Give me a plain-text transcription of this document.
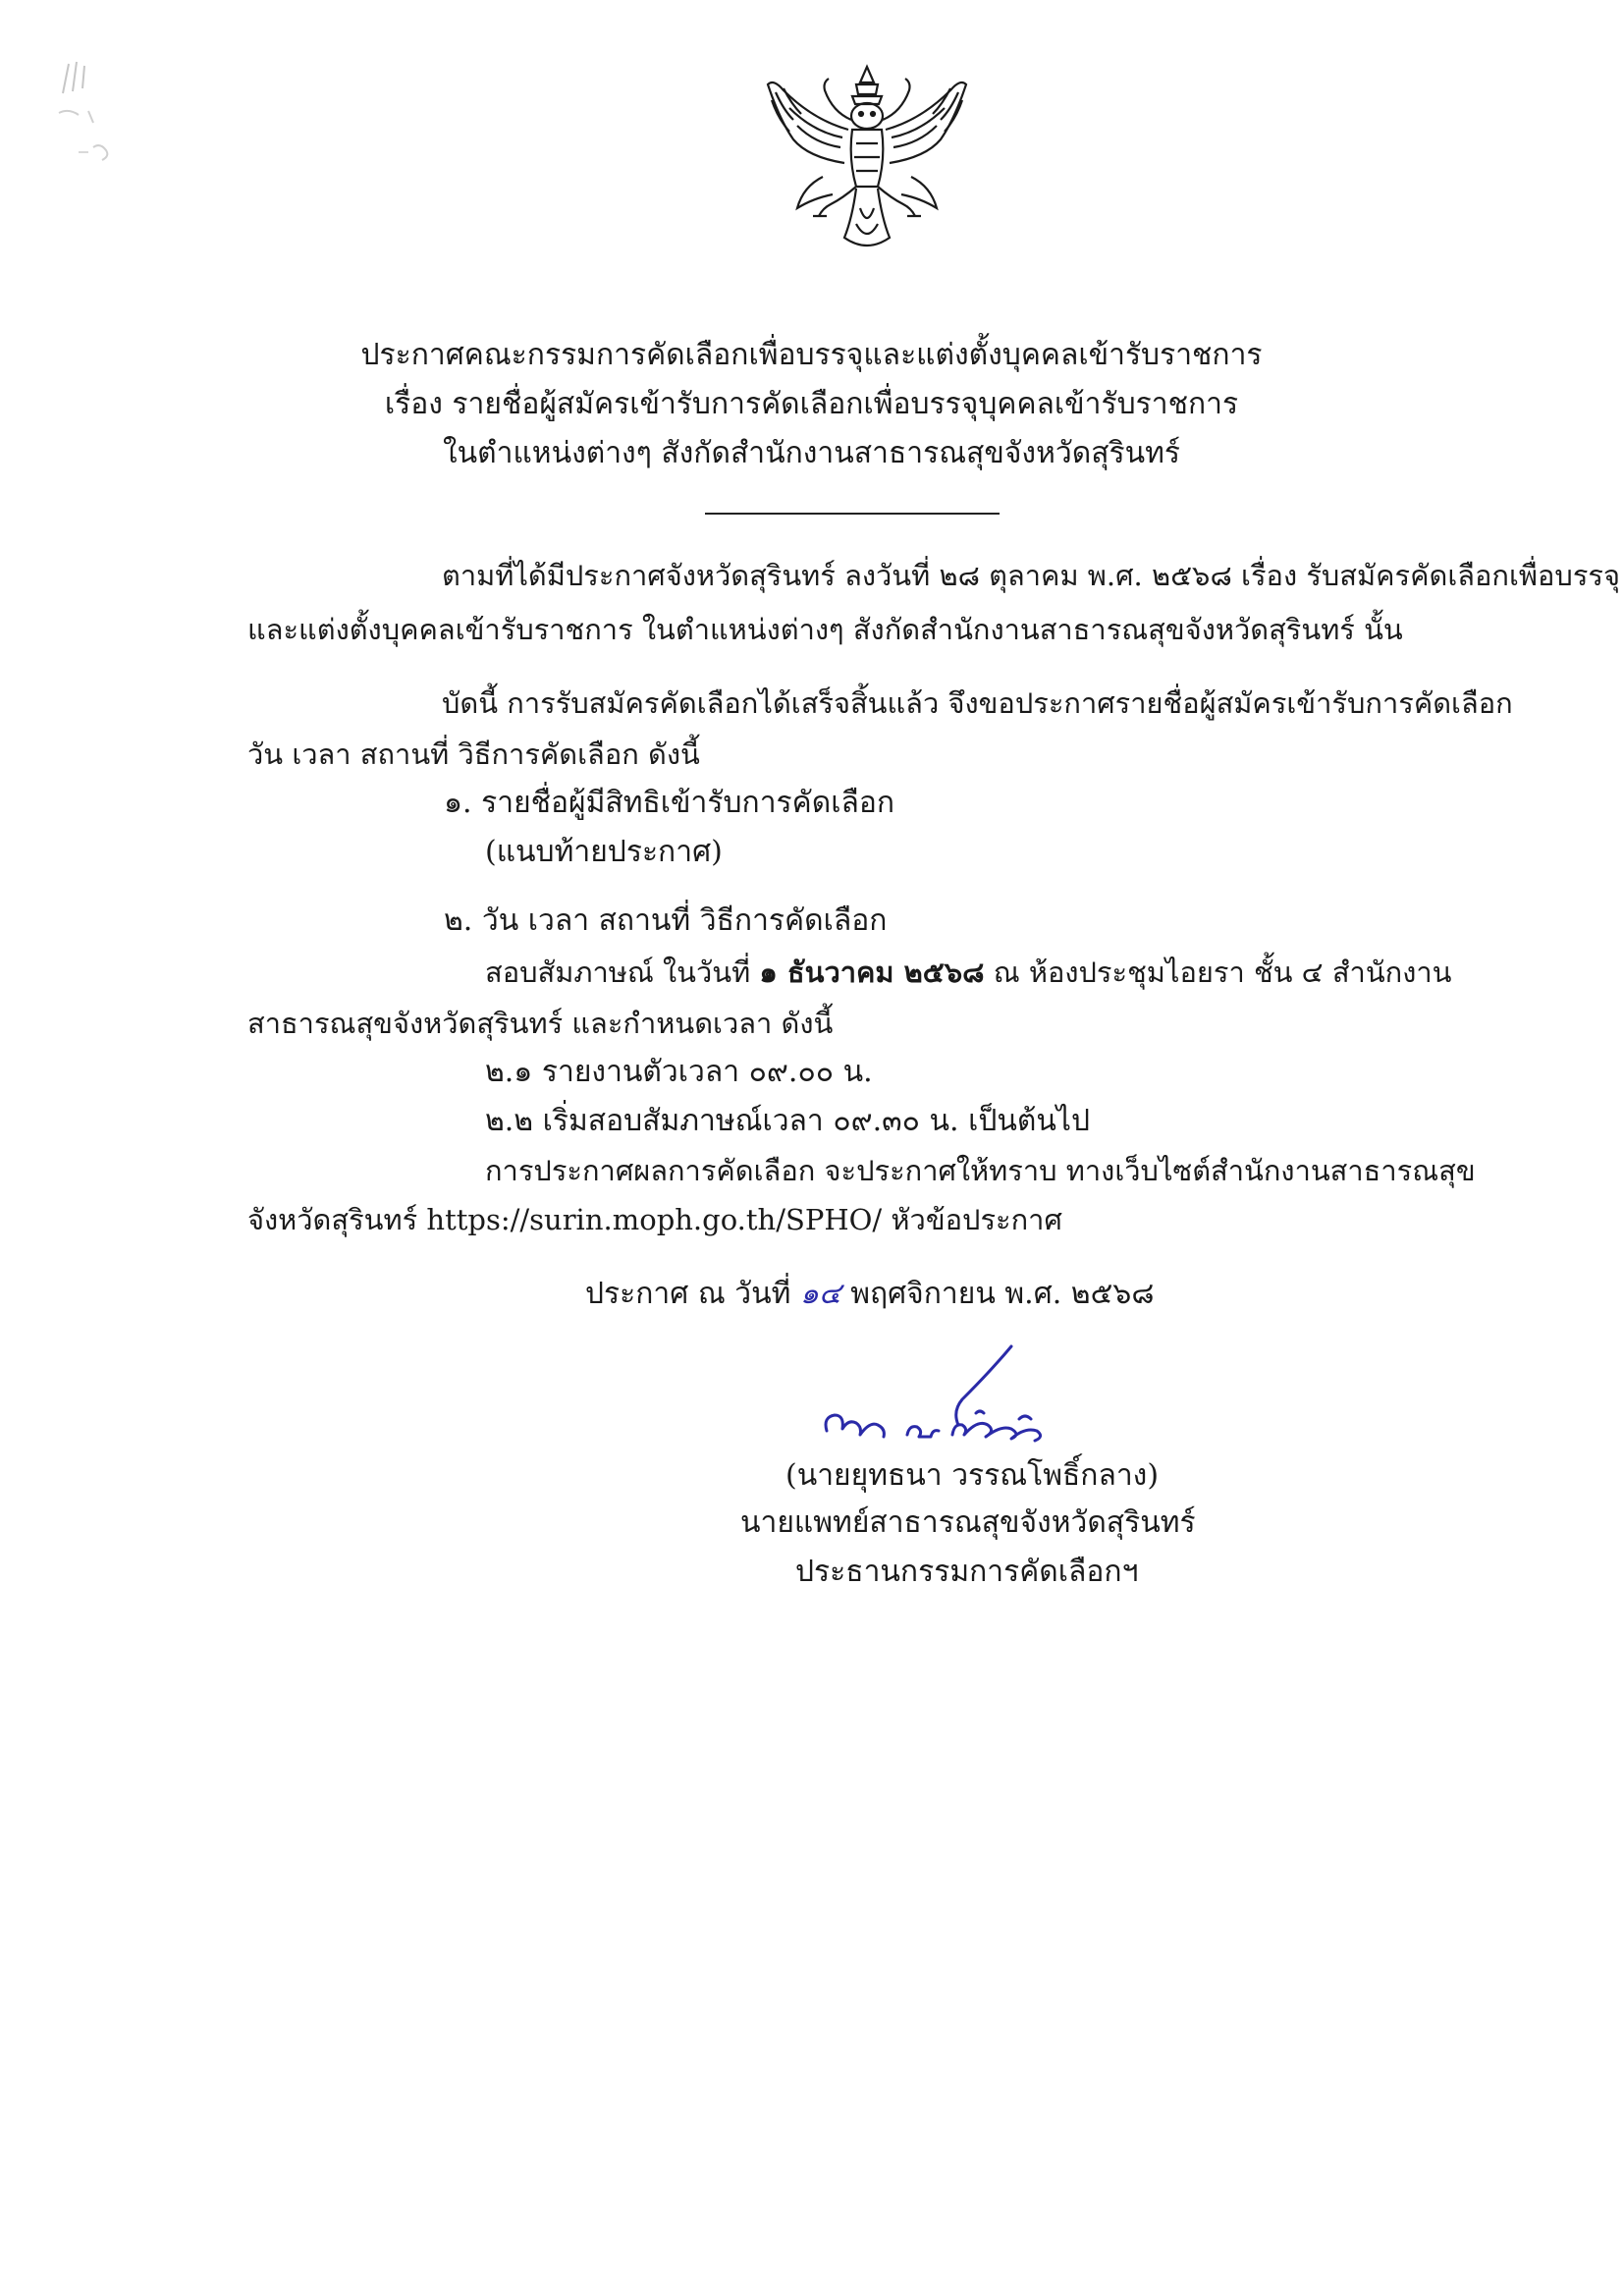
ประกาศคณะกรรมการคัดเลือกเพื่อบรรจุและแต่งตั้งบุคคลเข้ารับราชการ
เรื่อง รายชื่อผู้สมัครเข้ารับการคัดเลือกเพื่อบรรจุบุคคลเข้ารับราชการ
ในตำแหน่งต่างๆ สังกัดสำนักงานสาธารณสุขจังหวัดสุรินทร์
ตามที่ได้มีประกาศจังหวัดสุรินทร์ ลงวันที่ ๒๘ ตุลาคม พ.ศ. ๒๕๖๘ เรื่อง รับสมัครคัดเลือกเพื่อบรรจุ
และแต่งตั้งบุคคลเข้ารับราชการ ในตำแหน่งต่างๆ สังกัดสำนักงานสาธารณสุขจังหวัดสุรินทร์ นั้น
บัดนี้ การรับสมัครคัดเลือกได้เสร็จสิ้นแล้ว จึงขอประกาศรายชื่อผู้สมัครเข้ารับการคัดเลือก
วัน เวลา สถานที่ วิธีการคัดเลือก ดังนี้
๑. รายชื่อผู้มีสิทธิเข้ารับการคัดเลือก
(แนบท้ายประกาศ)
๒. วัน เวลา สถานที่ วิธีการคัดเลือก
สอบสัมภาษณ์ ในวันที่ ๑ ธันวาคม ๒๕๖๘ ณ ห้องประชุมไอยรา ชั้น ๔ สำนักงาน
สาธารณสุขจังหวัดสุรินทร์ และกำหนดเวลา ดังนี้
๒.๑ รายงานตัวเวลา ๐๙.๐๐ น.
๒.๒ เริ่มสอบสัมภาษณ์เวลา ๐๙.๓๐ น. เป็นต้นไป
การประกาศผลการคัดเลือก จะประกาศให้ทราบ ทางเว็บไซต์สำนักงานสาธารณสุข
จังหวัดสุรินทร์ https://surin.moph.go.th/SPHO/ หัวข้อประกาศ
ประกาศ ณ วันที่ ๑๔ พฤศจิกายน พ.ศ. ๒๕๖๘
(นายยุทธนา วรรณโพธิ์กลาง)
นายแพทย์สาธารณสุขจังหวัดสุรินทร์
ประธานกรรมการคัดเลือกฯ
